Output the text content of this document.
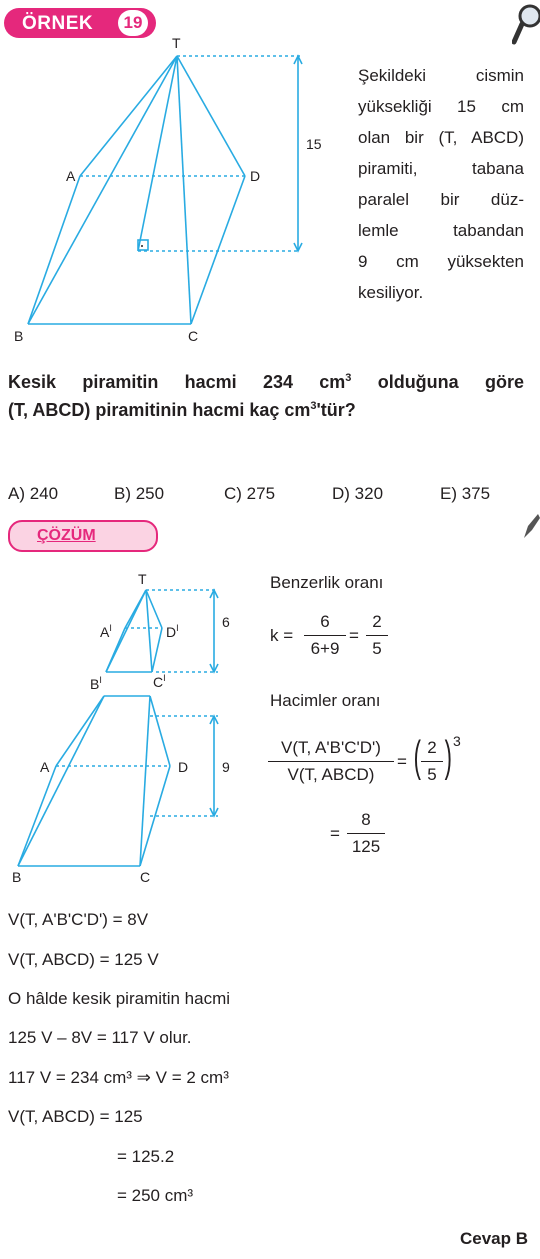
ÖRNEK	19
T
A	D
B	C
15
Şekildeki cismin
yüksekliği 15 cm
olan bir (T, ABCD)
piramiti, tabana
paralel bir düz-
lemle tabandan
9 cm yüksekten
kesiliyor.
Kesik piramitin hacmi 234 $cm^3$ olduğuna göre
(T, ABCD) piramitinin hacmi kaç $cm^3'tür$?
A) 240	B) 250	C) 275	D) 320	E) 375
ÇÖZÜM
T
$A^I$	$D^I$
$B^I$	$C^I$
A	D
B	C
6
9
Benzerlik oranı
k =
6
6+9
=
2
5
Hacimler oranı
V(T, A'B'C'D')
V(T, ABCD)
= ( 2
5 ) 3
=
8
125
V(T, A'B'C'D') = 8V
V(T, ABCD) = 125 V
O hâlde kesik piramitin hacmi
125 V – 8V = 117 V olur.
117 V = 234 cm³ ⇒ V = 2 cm³
V(T, ABCD) = 125
= 125.2
= 250 cm³
Cevap B
